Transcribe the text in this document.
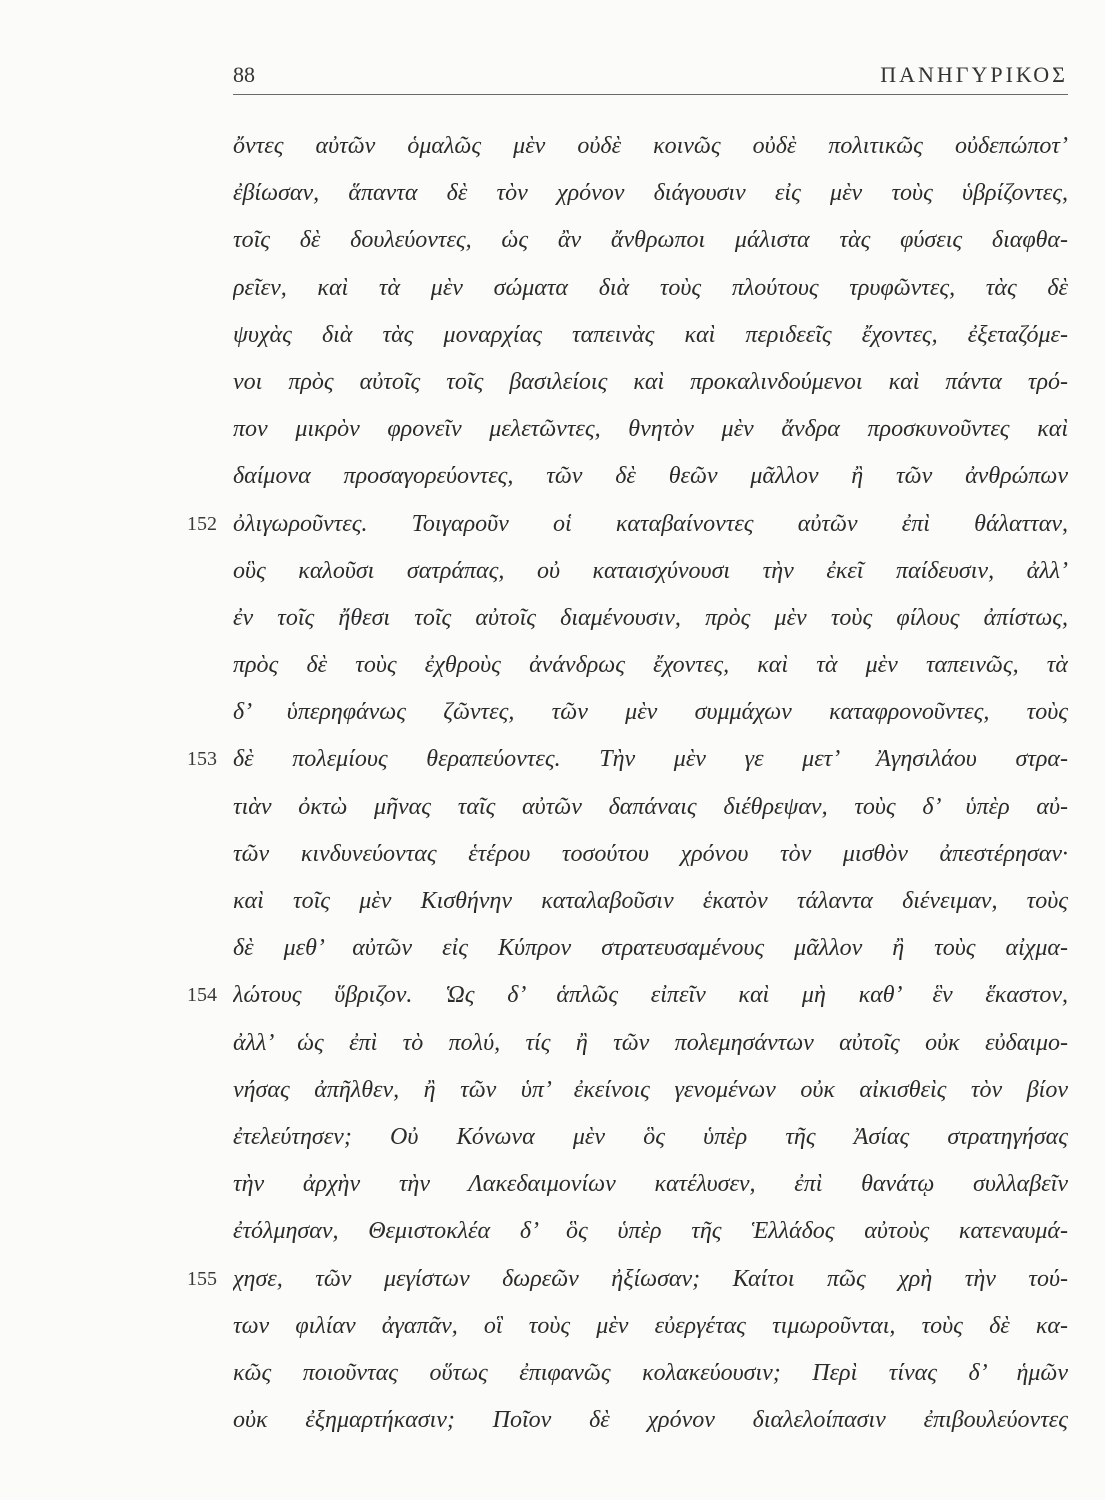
88	ΠΑΝΗΓΥΡΙΚΟΣ
ὄντες αὐτῶν ὁμαλῶς μὲν οὐδὲ κοινῶς οὐδὲ πολιτικῶς οὐδεπώποτ’
ἐβίωσαν, ἅπαντα δὲ τὸν χρόνον διάγουσιν εἰς μὲν τοὺς ὑβρίζοντες,
τοῖς δὲ δουλεύοντες, ὡς ἂν ἄνθρωποι μάλιστα τὰς φύσεις διαφθα-
ρεῖεν, καὶ τὰ μὲν σώματα διὰ τοὺς πλούτους τρυφῶντες, τὰς δὲ
ψυχὰς διὰ τὰς μοναρχίας ταπεινὰς καὶ περιδεεῖς ἔχοντες, ἐξεταζόμε-
νοι πρὸς αὐτοῖς τοῖς βασιλείοις καὶ προκαλινδούμενοι καὶ πάντα τρό-
πον μικρὸν φρονεῖν μελετῶντες, θνητὸν μὲν ἄνδρα προσκυνοῦντες καὶ
δαίμονα προσαγορεύοντες, τῶν δὲ θεῶν μᾶλλον ἢ τῶν ἀνθρώπων
152 ὀλιγωροῦντες. Τοιγαροῦν οἱ καταβαίνοντες αὐτῶν ἐπὶ θάλατταν,
οὓς καλοῦσι σατράπας, οὐ καταισχύνουσι τὴν ἐκεῖ παίδευσιν, ἀλλ’
ἐν τοῖς ἤθεσι τοῖς αὐτοῖς διαμένουσιν, πρὸς μὲν τοὺς φίλους ἀπίστως,
πρὸς δὲ τοὺς ἐχθροὺς ἀνάνδρως ἔχοντες, καὶ τὰ μὲν ταπεινῶς, τὰ
δ’ ὑπερηφάνως ζῶντες, τῶν μὲν συμμάχων καταφρονοῦντες, τοὺς
153 δὲ πολεμίους θεραπεύοντες. Τὴν μὲν γε μετ’ Ἀγησιλάου στρα-
τιὰν ὀκτὼ μῆνας ταῖς αὐτῶν δαπάναις διέθρεψαν, τοὺς δ’ ὑπὲρ αὐ-
τῶν κινδυνεύοντας ἑτέρου τοσούτου χρόνου τὸν μισθὸν ἀπεστέρησαν·
καὶ τοῖς μὲν Κισθήνην καταλαβοῦσιν ἑκατὸν τάλαντα διένειμαν, τοὺς
δὲ μεθ’ αὐτῶν εἰς Κύπρον στρατευσαμένους μᾶλλον ἢ τοὺς αἰχμα-
154 λώτους ὕβριζον. Ὡς δ’ ἁπλῶς εἰπεῖν καὶ μὴ καθ’ ἓν ἕκαστον,
ἀλλ’ ὡς ἐπὶ τὸ πολύ, τίς ἢ τῶν πολεμησάντων αὐτοῖς οὐκ εὐδαιμο-
νήσας ἀπῆλθεν, ἢ τῶν ὑπ’ ἐκείνοις γενομένων οὐκ αἰκισθεὶς τὸν βίον
ἐτελεύτησεν; Οὐ Κόνωνα μὲν ὃς ὑπὲρ τῆς Ἀσίας στρατηγήσας
τὴν ἀρχὴν τὴν Λακεδαιμονίων κατέλυσεν, ἐπὶ θανάτῳ συλλαβεῖν
ἐτόλμησαν, Θεμιστοκλέα δ’ ὃς ὑπὲρ τῆς Ἑλλάδος αὐτοὺς κατεναυμά-
155 χησε, τῶν μεγίστων δωρεῶν ἠξίωσαν; Καίτοι πῶς χρὴ τὴν τού-
των φιλίαν ἀγαπᾶν, οἳ τοὺς μὲν εὐεργέτας τιμωροῦνται, τοὺς δὲ κα-
κῶς ποιοῦντας οὕτως ἐπιφανῶς κολακεύουσιν; Περὶ τίνας δ’ ἡμῶν
οὐκ ἐξημαρτήκασιν; Ποῖον δὲ χρόνον διαλελοίπασιν ἐπιβουλεύοντες
